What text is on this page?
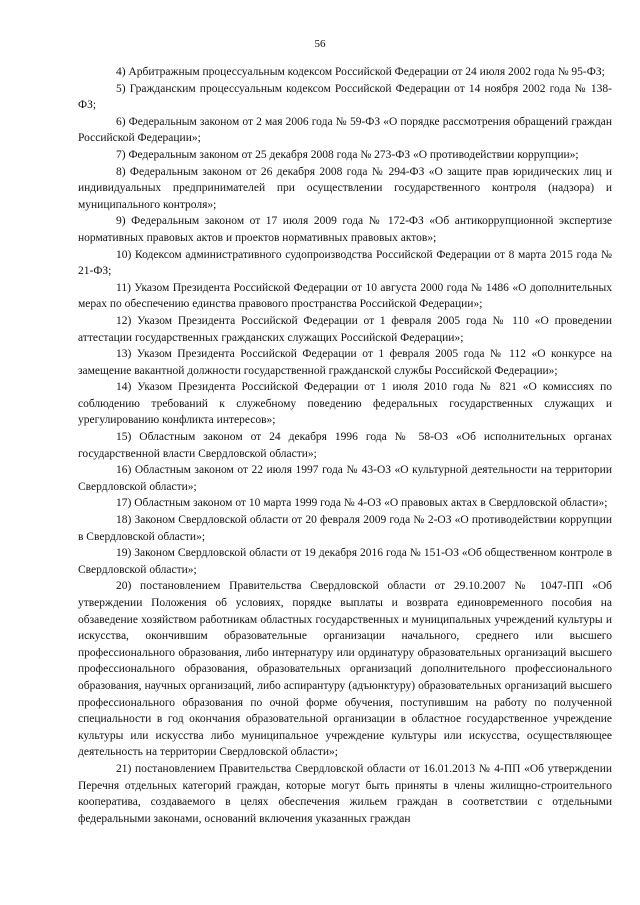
56

4) Арбитражным процессуальным кодексом Российской Федерации от 24 июля 2002 года № 95-ФЗ;

5) Гражданским процессуальным кодексом Российской Федерации от 14 ноября 2002 года № 138-ФЗ;

6) Федеральным законом от 2 мая 2006 года № 59-ФЗ «О порядке рассмотрения обращений граждан Российской Федерации»;

7) Федеральным законом от 25 декабря 2008 года № 273-ФЗ «О противодействии коррупции»;

8) Федеральным законом от 26 декабря 2008 года № 294-ФЗ «О защите прав юридических лиц и индивидуальных предпринимателей при осуществлении государственного контроля (надзора) и муниципального контроля»;

9) Федеральным законом от 17 июля 2009 года № 172-ФЗ «Об антикоррупционной экспертизе нормативных правовых актов и проектов нормативных правовых актов»;

10) Кодексом административного судопроизводства Российской Федерации от 8 марта 2015 года № 21-ФЗ;

11) Указом Президента Российской Федерации от 10 августа 2000 года № 1486 «О дополнительных мерах по обеспечению единства правового пространства Российской Федерации»;

12) Указом Президента Российской Федерации от 1 февраля 2005 года № 110 «О проведении аттестации государственных гражданских служащих Российской Федерации»;

13) Указом Президента Российской Федерации от 1 февраля 2005 года № 112 «О конкурсе на замещение вакантной должности государственной гражданской службы Российской Федерации»;

14) Указом Президента Российской Федерации от 1 июля 2010 года № 821 «О комиссиях по соблюдению требований к служебному поведению федеральных государственных служащих и урегулированию конфликта интересов»;

15) Областным законом от 24 декабря 1996 года № 58-ОЗ «Об исполнительных органах государственной власти Свердловской области»;

16) Областным законом от 22 июля 1997 года № 43-ОЗ «О культурной деятельности на территории Свердловской области»;

17) Областным законом от 10 марта 1999 года № 4-ОЗ «О правовых актах в Свердловской области»;

18) Законом Свердловской области от 20 февраля 2009 года № 2-ОЗ «О противодействии коррупции в Свердловской области»;

19) Законом Свердловской области от 19 декабря 2016 года № 151-ОЗ «Об общественном контроле в Свердловской области»;

20) постановлением Правительства Свердловской области от 29.10.2007 № 1047-ПП «Об утверждении Положения об условиях, порядке выплаты и возврата единовременного пособия на обзаведение хозяйством работникам областных государственных и муниципальных учреждений культуры и искусства, окончившим образовательные организации начального, среднего или высшего профессионального образования, либо интернатуру или ординатуру образовательных организаций высшего профессионального образования, образовательных организаций дополнительного профессионального образования, научных организаций, либо аспирантуру (адъюнктуру) образовательных организаций высшего профессионального образования по очной форме обучения, поступившим на работу по полученной специальности в год окончания образовательной организации в областное государственное учреждение культуры или искусства либо муниципальное учреждение культуры или искусства, осуществляющее деятельность на территории Свердловской области»;

21) постановлением Правительства Свердловской области от 16.01.2013 № 4-ПП «Об утверждении Перечня отдельных категорий граждан, которые могут быть приняты в члены жилищно-строительного кооператива, создаваемого в целях обеспечения жильем граждан в соответствии с отдельными федеральными законами, оснований включения указанных граждан
